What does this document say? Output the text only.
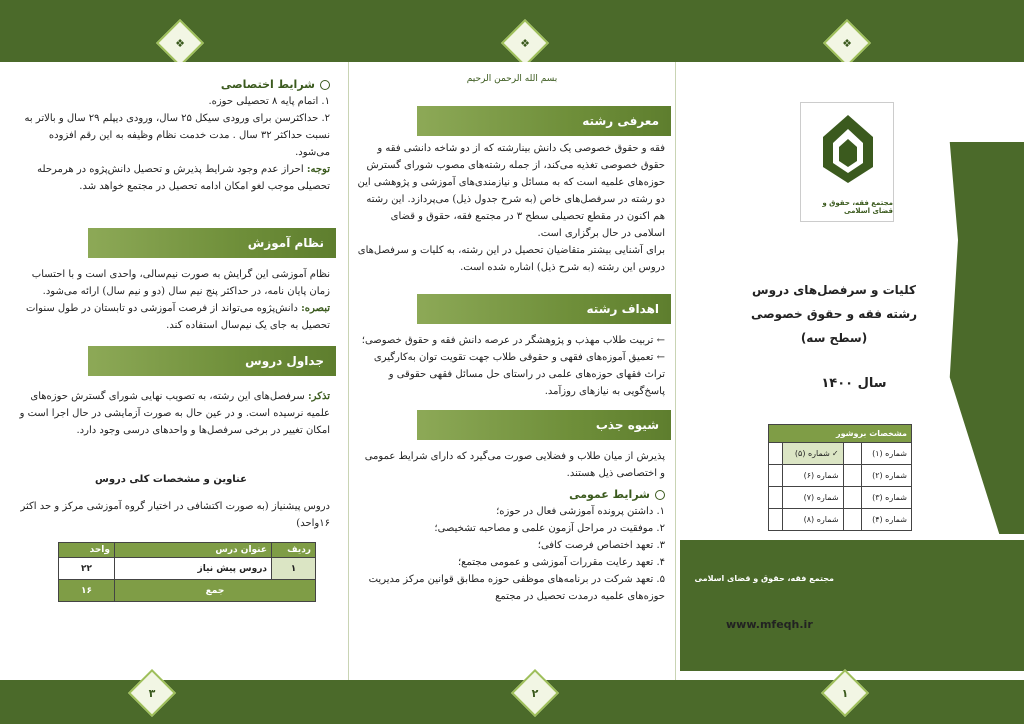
❖	❖	❖
شرایط اختصاصی
۱. اتمام پایه ۸ تحصیلی حوزه.
۲. حداکثرسن برای ورودی سیکل ۲۵ سال، ورودی دیپلم ۲۹ سال و بالاتر به نسبت حداکثر ۳۲ سال . مدت خدمت نظام وظیفه به این رقم افزوده می‌شود.
توجه: احراز عدم وجود شرایط پذیرش و تحصیل دانش‌پژوه در هرمرحله تحصیلی موجب لغو امکان ادامه تحصیل در مجتمع خواهد شد.
نظام آموزش
نظام آموزشی این گرایش به صورت نیم‌سالی، واحدی است و با احتساب زمان پایان نامه، در حداکثر پنج نیم سال (دو و نیم سال) ارائه می‌شود.
تبصره: دانش‌پژوه می‌تواند از فرصت آموزشی دو تابستان در طول سنوات تحصیل به جای یک نیم‌سال استفاده کند.
جداول دروس
تذکر: سرفصل‌های این رشته، به تصویب نهایی شورای گسترش حوزه‌های علمیه نرسیده است. و در عین حال به صورت آزمایشی در حال اجرا است و امکان تغییر در برخی سرفصل‌ها و واحدهای درسی وجود دارد.
عناوین و مشخصات کلی دروس
دروس پیشنیاز (به صورت اکتشافی در اختیار گروه آموزشی مرکز و حد اکثر ۱۶واحد)
ردیف	عنوان درس	واحد
۱	دروس پیش نیاز	۲۲
جمع		۱۶
بسم الله الرحمن الرحیم
معرفی رشته
فقه و حقوق خصوصی یک دانش بینارشته که از دو شاخه دانشی فقه و حقوق خصوصی تغذیه می‌کند، از جمله رشته‌های مصوب شورای گسترش حوزه‌های علمیه است که به مسائل و نیازمندی‌های آموزشی و پژوهشی این دو رشته در سرفصل‌های خاص (به شرح جدول ذیل) می‌پردازد. این رشته هم اکنون در مقطع تحصیلی سطح ۳ در مجتمع فقه، حقوق و قضای اسلامی در حال برگزاری است.
برای آشنایی بیشتر متقاضیان تحصیل در این رشته، به کلیات و سرفصل‌های دروس این رشته (به شرح ذیل) اشاره شده است.
اهداف رشته
← تربیت طلاب مهذب و پژوهشگر در عرصه دانش فقه و حقوق خصوصی؛
← تعمیق آموزه‌های فقهی و حقوقی طلاب جهت تقویت توان به‌کارگیری تراث فقهای حوزه‌های علمی در راستای حل مسائل فقهی حقوقی و پاسخ‌گویی به نیازهای روزآمد.
شیوه جذب
پذیرش از میان طلاب و فضلایی صورت می‌گیرد که دارای شرایط عمومی و اختصاصی ذیل هستند.
شرایط عمومی
۱. داشتن پرونده آموزشی فعال در حوزه؛
۲. موفقیت در مراحل آزمون علمی و مصاحبه تشخیصی؛
۳. تعهد اختصاص فرصت کافی؛
۴. تعهد رعایت مقررات آموزشی و عمومی مجتمع؛
۵. تعهد شرکت در برنامه‌های موظفی حوزه مطابق قوانین مرکز مدیریت حوزه‌های علمیه درمدت تحصیل در مجتمع
مجتمع فقه، حقوق و قضای اسلامی
کلیات و سرفصل‌های دروس
رشته فقه و حقوق خصوصی
(سطح سه)
سال ۱۴۰۰
مشخصات بروشور			
شماره (۱)		✓شماره (۵)	
شماره (۲)		شماره (۶)	
شماره (۳)		شماره (۷)	
شماره (۴)		شماره (۸)	
مجتمع فقه، حقوق و قضای اسلامی
www.mfeqh.ir
۳	۲	۱
